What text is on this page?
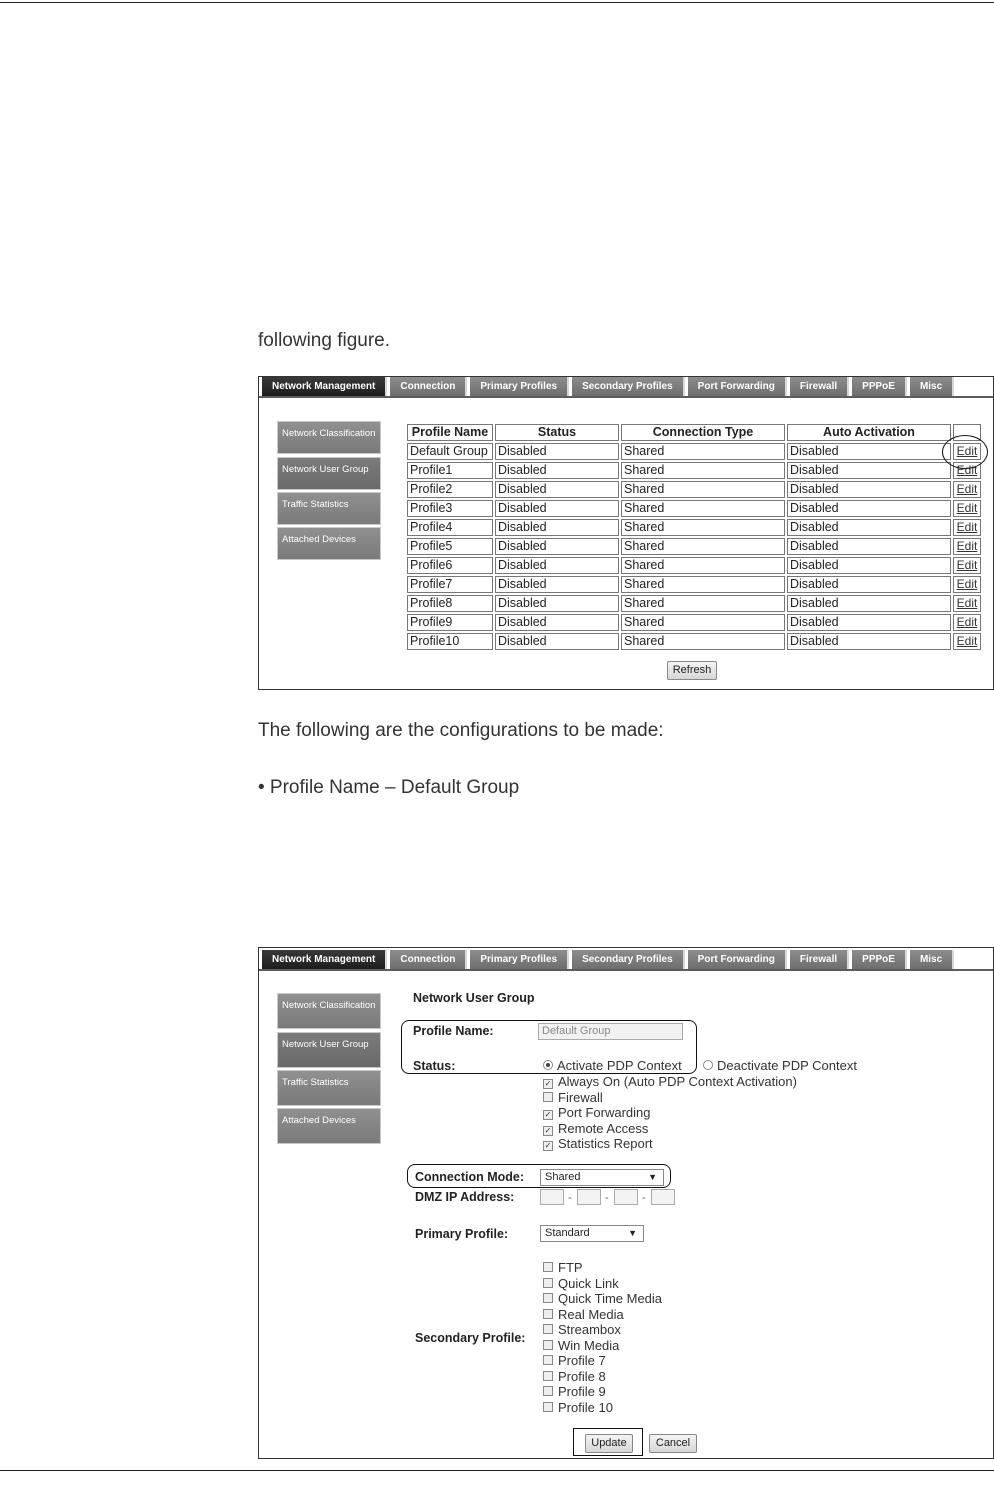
following figure.
Network Management	Connection	Primary Profiles	Secondary Profiles	Port Forwarding	Firewall	PPPoE	Misc
Network Classification
Network User Group
Traffic Statistics
Attached Devices
Profile Name	Status	Connection Type	Auto Activation	
Default Group	Disabled	Shared	Disabled	Edit
Profile1	Disabled	Shared	Disabled	Edit
Profile2	Disabled	Shared	Disabled	Edit
Profile3	Disabled	Shared	Disabled	Edit
Profile4	Disabled	Shared	Disabled	Edit
Profile5	Disabled	Shared	Disabled	Edit
Profile6	Disabled	Shared	Disabled	Edit
Profile7	Disabled	Shared	Disabled	Edit
Profile8	Disabled	Shared	Disabled	Edit
Profile9	Disabled	Shared	Disabled	Edit
Profile10	Disabled	Shared	Disabled	Edit
Refresh
The following are the configurations to be made:
• Profile Name – Default Group
Network Management	Connection	Primary Profiles	Secondary Profiles	Port Forwarding	Firewall	PPPoE	Misc
Network Classification
Network User Group
Traffic Statistics
Attached Devices
Network User Group
Profile Name:	Default Group
Status:	Activate PDP Context	Deactivate PDP Context
✓ Always On (Auto PDP Context Activation)
Firewall
✓ Port Forwarding
✓ Remote Access
✓ Statistics Report
Connection Mode:	Shared	▼
DMZ IP Address:	-	-	-
Primary Profile:	Standard	▼
Secondary Profile:
FTP
Quick Link
Quick Time Media
Real Media
Streambox
Win Media
Profile 7
Profile 8
Profile 9
Profile 10
Update	Cancel
